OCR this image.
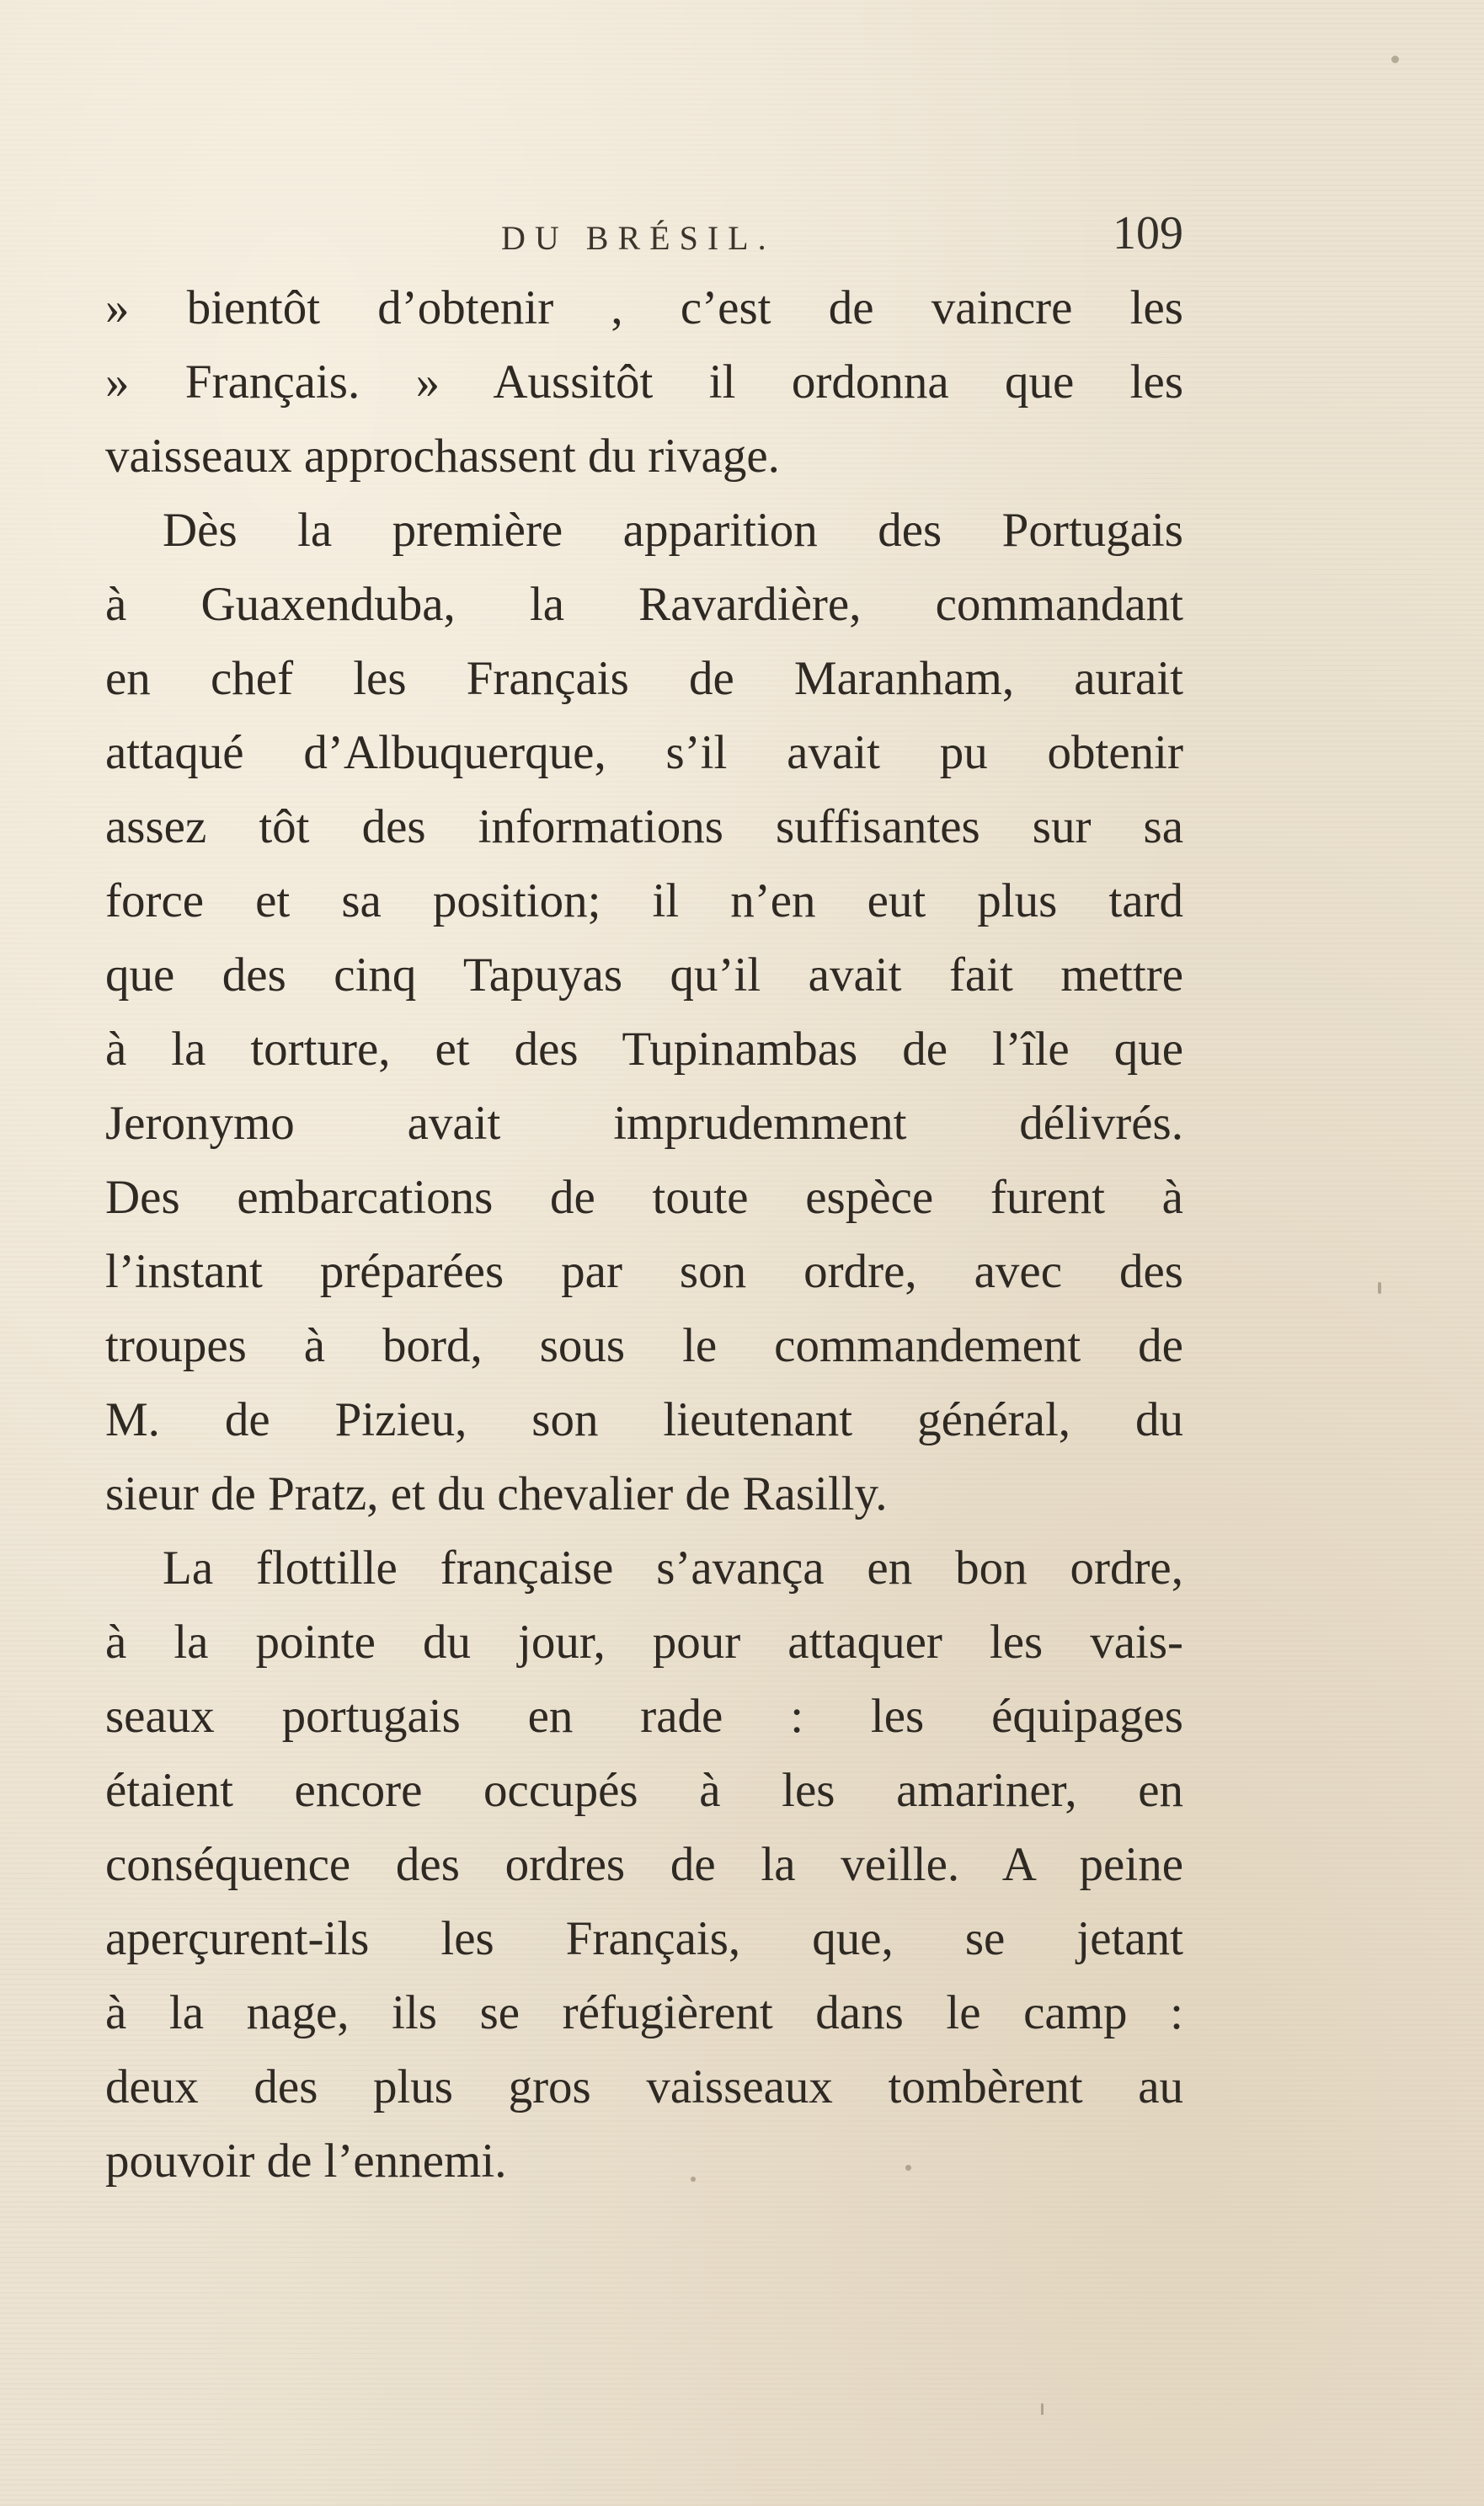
DU BRÉSIL.	109
» bientôt d’obtenir , c’est de vaincre les
» Français. » Aussitôt il ordonna que les
vaisseaux approchassent du rivage.
Dès la première apparition des Portugais
à Guaxenduba, la Ravardière, commandant
en chef les Français de Maranham, aurait
attaqué d’Albuquerque, s’il avait pu obtenir
assez tôt des informations suffisantes sur sa
force et sa position; il n’en eut plus tard
que des cinq Tapuyas qu’il avait fait mettre
à la torture, et des Tupinambas de l’île que
Jeronymo avait imprudemment délivrés.
Des embarcations de toute espèce furent à
l’instant préparées par son ordre, avec des
troupes à bord, sous le commandement de
M. de Pizieu, son lieutenant général, du
sieur de Pratz, et du chevalier de Rasilly.
La flottille française s’avança en bon ordre,
à la pointe du jour, pour attaquer les vais-
seaux portugais en rade : les équipages
étaient encore occupés à les amariner, en
conséquence des ordres de la veille. A peine
aperçurent-ils les Français, que, se jetant
à la nage, ils se réfugièrent dans le camp :
deux des plus gros vaisseaux tombèrent au
pouvoir de l’ennemi.
